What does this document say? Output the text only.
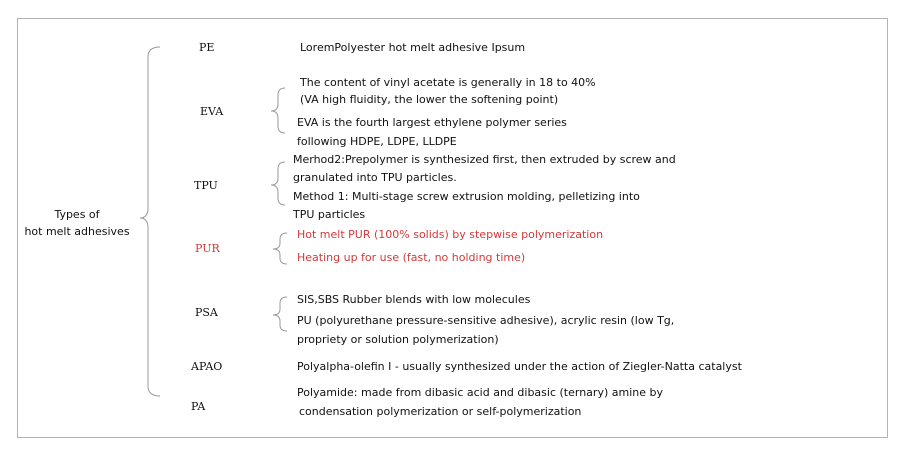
Types of
hot melt adhesives
PE
EVA
TPU
PUR
PSA
APAO
PA
LoremPolyester hot melt adhesive Ipsum
The content of vinyl acetate is generally in 18 to 40%
(VA high fluidity, the lower the softening point)
EVA is the fourth largest ethylene polymer series
following HDPE, LDPE, LLDPE
Merhod2:Prepolymer is synthesized first, then extruded by screw and
granulated into TPU particles.
Method 1: Multi-stage screw extrusion molding, pelletizing into
TPU particles
Hot melt PUR (100% solids) by stepwise polymerization
Heating up for use (fast, no holding time)
SIS,SBS Rubber blends with low molecules
PU (polyurethane pressure-sensitive adhesive), acrylic resin (low Tg,
propriety or solution polymerization)
Polyalpha-olefin I - usually synthesized under the action of Ziegler-Natta catalyst
Polyamide: made from dibasic acid and dibasic (ternary) amine by
condensation polymerization or self-polymerization
